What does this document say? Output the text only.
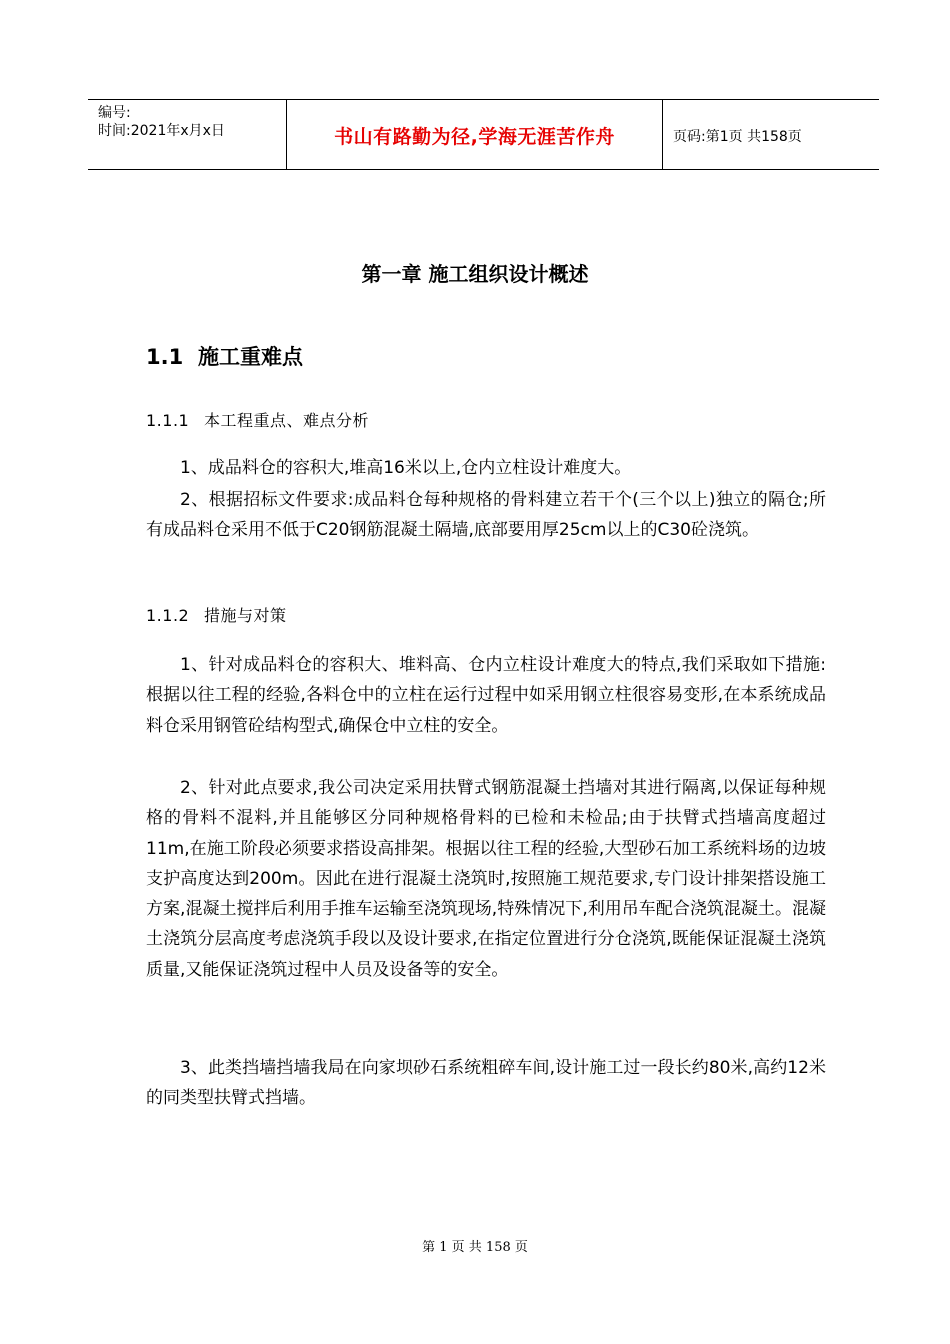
编号:
时间:2021年x月x日	书山有路勤为径,学海无涯苦作舟	页码:第1页 共158页
第一章 施工组织设计概述
1.1 施工重难点
1.1.1 本工程重点、难点分析

1、成品料仓的容积大,堆高16米以上,仓内立柱设计难度大。

2、根据招标文件要求:成品料仓每种规格的骨料建立若干个(三个以上)独立的隔仓;所有成品料仓采用不低于C20钢筋混凝土隔墙,底部要用厚25cm以上的C30砼浇筑。

1.1.2 措施与对策

1、针对成品料仓的容积大、堆料高、仓内立柱设计难度大的特点,我们采取如下措施:根据以往工程的经验,各料仓中的立柱在运行过程中如采用钢立柱很容易变形,在本系统成品料仓采用钢管砼结构型式,确保仓中立柱的安全。

2、针对此点要求,我公司决定采用扶臂式钢筋混凝土挡墙对其进行隔离,以保证每种规格的骨料不混料,并且能够区分同种规格骨料的已检和未检品;由于扶臂式挡墙高度超过11m,在施工阶段必须要求搭设高排架。根据以往工程的经验,大型砂石加工系统料场的边坡支护高度达到200m。因此在进行混凝土浇筑时,按照施工规范要求,专门设计排架搭设施工方案,混凝土搅拌后利用手推车运输至浇筑现场,特殊情况下,利用吊车配合浇筑混凝土。混凝土浇筑分层高度考虑浇筑手段以及设计要求,在指定位置进行分仓浇筑,既能保证混凝土浇筑质量,又能保证浇筑过程中人员及设备等的安全。

3、此类挡墙挡墙我局在向家坝砂石系统粗碎车间,设计施工过一段长约80米,高约12米的同类型扶臂式挡墙。

第 1 页 共 158 页
